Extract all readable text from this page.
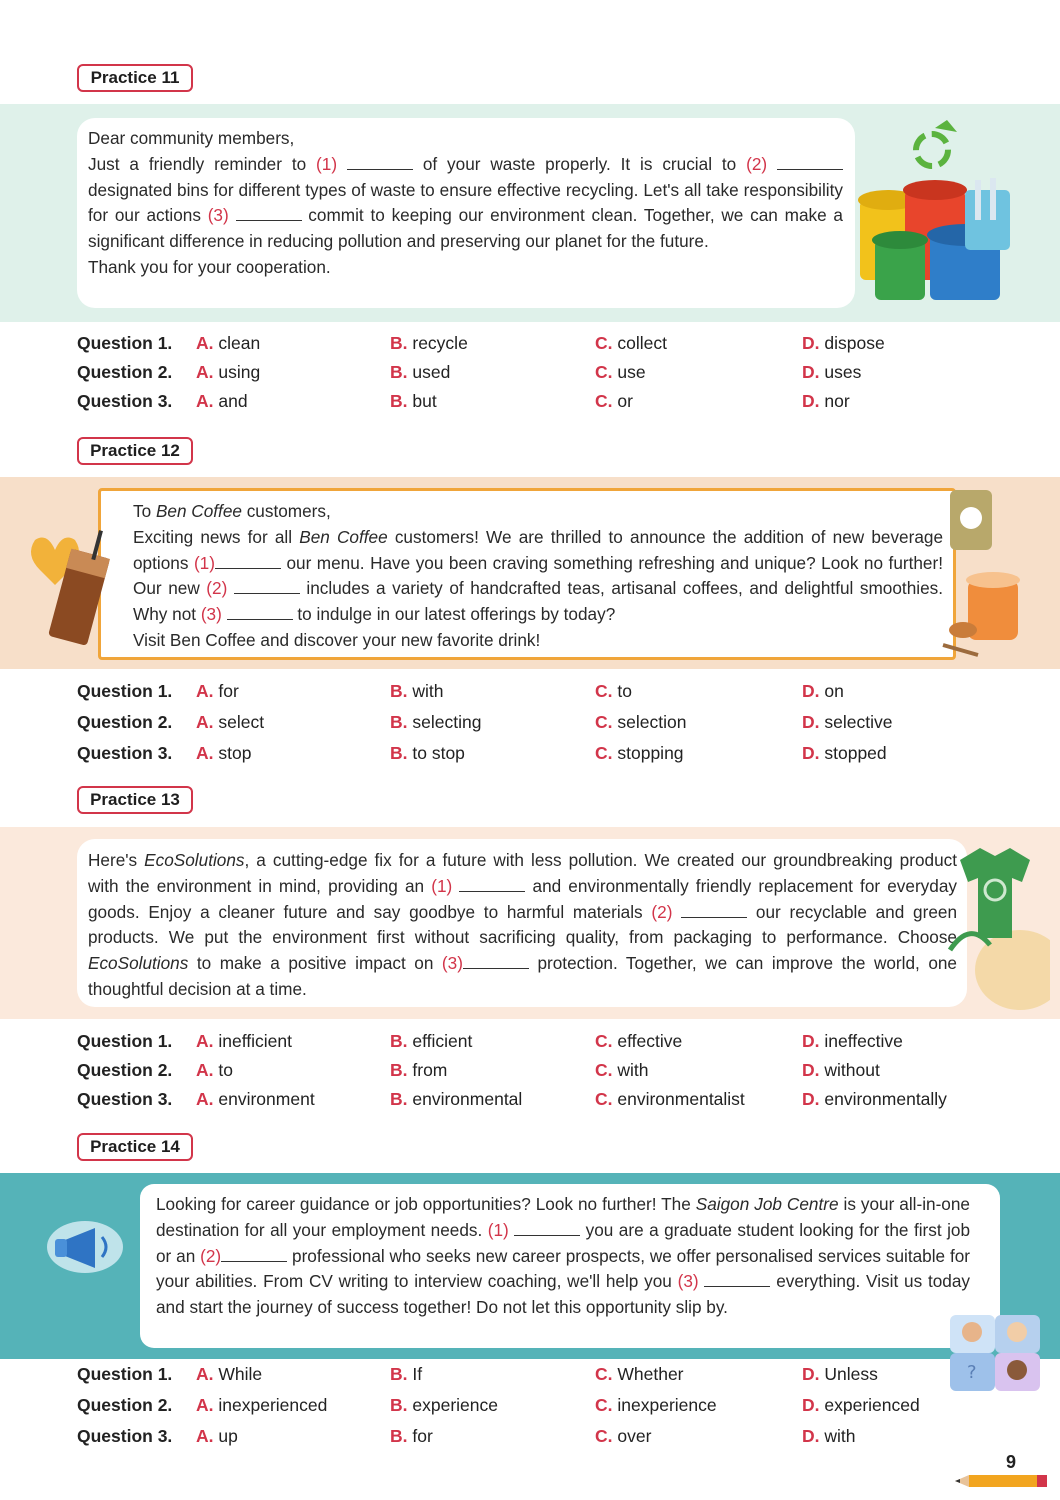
Practice 11
Dear community members,
Just a friendly reminder to (1)	of your waste properly. It is crucial to (2)  designated bins for different types of waste to ensure effective recycling. Let's all take responsibility for our actions (3)	commit to keeping our environment clean. Together, we can make a significant difference in reducing pollution and preserving our planet for the future.
Thank you for your cooperation.
Question 1. A. clean	B. recycle	C. collect	D. dispose
Question 2. A. using	B. used	C. use	D. uses
Question 3. A. and	B. but	C. or	D. nor
Practice 12
To Ben Coffee customers,
Exciting news for all Ben Coffee customers! We are thrilled to announce the addition of new beverage options (1)	our menu. Have you been craving something refreshing and unique? Look no further! Our new (2)	includes a variety of handcrafted teas, artisanal coffees, and delightful smoothies. Why not (3)	to indulge in our latest offerings by today?
Visit Ben Coffee and discover your new favorite drink!
Question 1. A. for	B. with	C. to	D. on
Question 2. A. select	B. selecting	C. selection	D. selective
Question 3. A. stop	B. to stop	C. stopping	D. stopped
Practice 13
Here's EcoSolutions, a cutting-edge fix for a future with less pollution. We created our groundbreaking product with the environment in mind, providing an (1)	and environmentally friendly replacement for everyday goods. Enjoy a cleaner future and say goodbye to harmful materials (2)	our recyclable and green products. We put the environment first without sacrificing quality, from packaging to performance. Choose EcoSolutions to make a positive impact on (3)	protection. Together, we can improve the world, one thoughtful decision at a time.
Question 1. A. inefficient	B. efficient	C. effective	D. ineffective
Question 2. A. to	B. from	C. with	D. without
Question 3. A. environment	B. environmental	C. environmentalist	D. environmentally
Practice 14
Looking for career guidance or job opportunities? Look no further! The Saigon Job Centre is your all-in-one destination for all your employment needs. (1)	you are a graduate student looking for the first job or an (2)	professional who seeks new career prospects, we offer personalised services suitable for your abilities. From CV writing to interview coaching, we'll help you (3)	everything. Visit us today and start the journey of success together! Do not let this opportunity slip by.
?
Question 1. A. While	B. If	C. Whether	D. Unless
Question 2. A. inexperienced	B. experience	C. inexperience	D. experienced
Question 3. A. up	B. for	C. over	D. with
9
